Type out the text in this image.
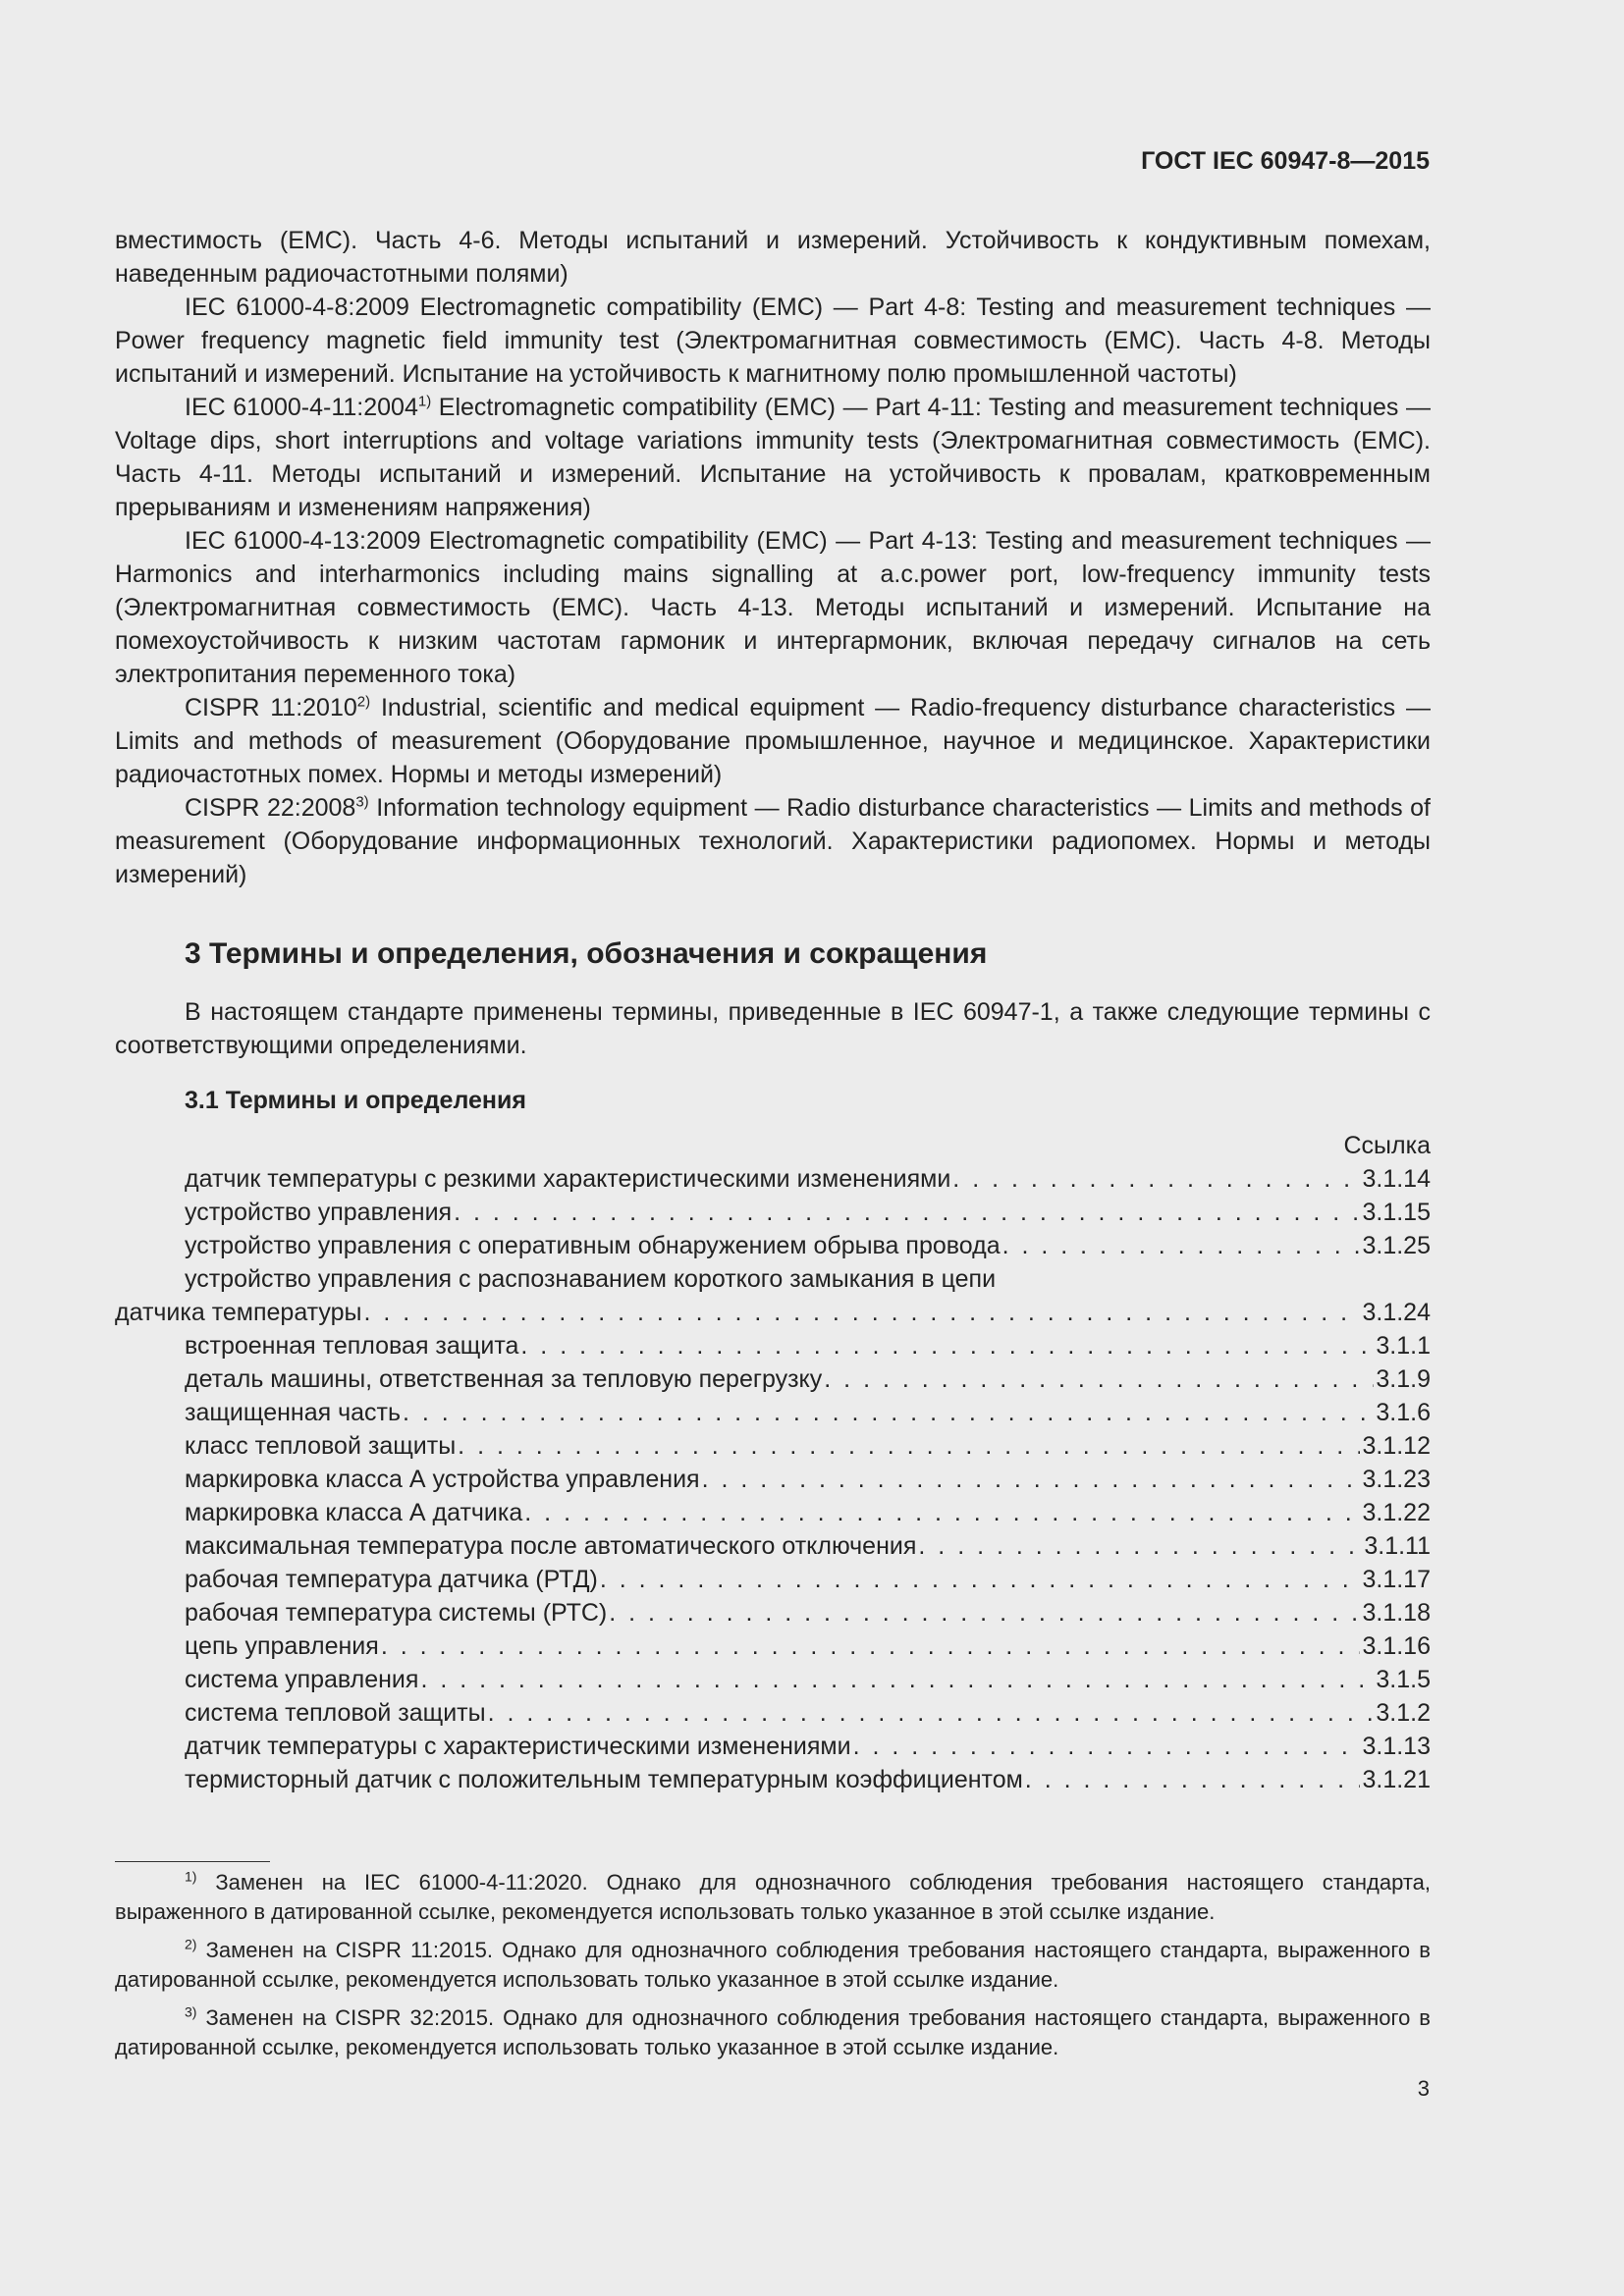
ГОСТ IEC 60947-8—2015

вместимость (ЕМС). Часть 4-6. Методы испытаний и измерений. Устойчивость к кондуктивным помехам, наведенным радиочастотными полями)

IEC 61000-4-8:2009 Electromagnetic compatibility (EMC) — Part 4-8: Testing and measurement techniques — Power frequency magnetic field immunity test (Электромагнитная совместимость (ЕМС). Часть 4-8. Методы испытаний и измерений. Испытание на устойчивость к магнитному полю промышленной частоты)

IEC 61000-4-11:2004$^{1)}$ Electromagnetic compatibility (EMC) — Part 4-11: Testing and measurement techniques — Voltage dips, short interruptions and voltage variations immunity tests (Электромагнитная совместимость (ЕМС). Часть 4-11. Методы испытаний и измерений. Испытание на устойчивость к провалам, кратковременным прерываниям и изменениям напряжения)

IEC 61000-4-13:2009 Electromagnetic compatibility (EMC) — Part 4-13: Testing and measurement techniques — Harmonics and interharmonics including mains signalling at a.c.power port, low-frequency immunity tests (Электромагнитная совместимость (ЕМС). Часть 4-13. Методы испытаний и измерений. Испытание на помехоустойчивость к низким частотам гармоник и интергармоник, включая передачу сигналов на сеть электропитания переменного тока)

CISPR 11:2010$^{2)}$ Industrial, scientific and medical equipment — Radio-frequency disturbance characteristics — Limits and methods of measurement (Оборудование промышленное, научное и медицинское. Характеристики радиочастотных помех. Нормы и методы измерений)

CISPR 22:2008$^{3)}$ Information technology equipment — Radio disturbance characteristics — Limits and methods of measurement (Оборудование информационных технологий. Характеристики радиопомех. Нормы и методы измерений)

3 Термины и определения, обозначения и сокращения

В настоящем стандарте применены термины, приведенные в IEC 60947-1, а также следующие термины с соответствующими определениями.

3.1 Термины и определения
Ссылка
датчик температуры с резкими характеристическими изменениями . . .	3.1.14
устройство управления . . .	3.1.15
устройство управления с оперативным обнаружением обрыва провода . . .	3.1.25
устройство управления с распознаванием короткого замыкания в цепи
датчика температуры . . .	3.1.24
встроенная тепловая защита . . .	3.1.1
деталь машины, ответственная за тепловую перегрузку . . .	3.1.9
защищенная часть . . .	3.1.6
класс тепловой защиты . . .	3.1.12
маркировка класса А устройства управления . . .	3.1.23
маркировка класса А датчика . . .	3.1.22
максимальная температура после автоматического отключения . . .	3.1.11
рабочая температура датчика (РТД) . . .	3.1.17
рабочая температура системы (РТС) . . .	3.1.18
цепь управления . . .	3.1.16
система управления . . .	3.1.5
система тепловой защиты . . .	3.1.2
датчик температуры с характеристическими изменениями . . .	3.1.13
термисторный датчик с положительным температурным коэффициентом . . .	3.1.21

$^{1)}$ Заменен на IEC 61000-4-11:2020. Однако для однозначного соблюдения требования настоящего стандарта, выраженного в датированной ссылке, рекомендуется использовать только указанное в этой ссылке издание.

$^{2)}$ Заменен на CISPR 11:2015. Однако для однозначного соблюдения требования настоящего стандарта, выраженного в датированной ссылке, рекомендуется использовать только указанное в этой ссылке издание.

$^{3)}$ Заменен на CISPR 32:2015. Однако для однозначного соблюдения требования настоящего стандарта, выраженного в датированной ссылке, рекомендуется использовать только указанное в этой ссылке издание.

3
